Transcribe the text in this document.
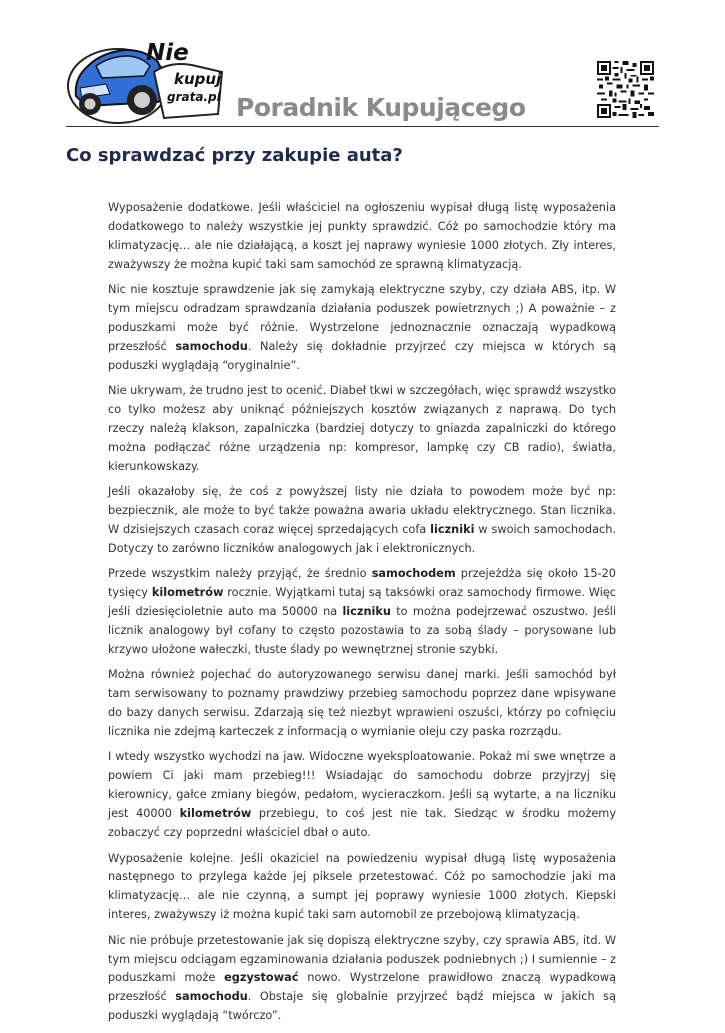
Nie
kupuj
grata.pl Poradnik Kupującego
Co sprawdzać przy zakupie auta?

Wyposażenie dodatkowe. Jeśli właściciel na ogłoszeniu wypisał długą listę wyposażenia dodatkowego to należy wszystkie jej punkty sprawdzić. Cóż po samochodzie który ma klimatyzację… ale nie działającą, a koszt jej naprawy wyniesie 1000 złotych. Zły interes, zważywszy że można kupić taki sam samochód ze sprawną klimatyzacją.

Nic nie kosztuje sprawdzenie jak się zamykają elektryczne szyby, czy działa ABS, itp. W tym miejscu odradzam sprawdzania działania poduszek powietrznych ;) A poważnie – z poduszkami może być różnie. Wystrzelone jednoznacznie oznaczają wypadkową przeszłość samochodu. Należy się dokładnie przyjrzeć czy miejsca w których są poduszki wyglądają “oryginalnie”.

Nie ukrywam, że trudno jest to ocenić. Diabeł tkwi w szczegółach, więc sprawdź wszystko co tylko możesz aby uniknąć późniejszych kosztów związanych z naprawą. Do tych rzeczy należą klakson, zapalniczka (bardziej dotyczy to gniazda zapalniczki do którego można podłączać różne urządzenia np: kompresor, lampkę czy CB radio), światła, kierunkowskazy.

Jeśli okazałoby się, że coś z powyższej listy nie działa to powodem może być np: bezpiecznik, ale może to być także poważna awaria układu elektrycznego. Stan licznika. W dzisiejszych czasach coraz więcej sprzedających cofa liczniki w swoich samochodach. Dotyczy to zarówno liczników analogowych jak i elektronicznych.

Przede wszystkim należy przyjąć, że średnio samochodem przejeżdża się około 15-20 tysięcy kilometrów rocznie. Wyjątkami tutaj są taksówki oraz samochody firmowe. Więc jeśli dziesięcioletnie auto ma 50000 na liczniku to można podejrzewać oszustwo. Jeśli licznik analogowy był cofany to często pozostawia to za sobą ślady – porysowane lub krzywo ułożone wałeczki, tłuste ślady po wewnętrznej stronie szybki.

Można również pojechać do autoryzowanego serwisu danej marki. Jeśli samochód był tam serwisowany to poznamy prawdziwy przebieg samochodu poprzez dane wpisywane do bazy danych serwisu. Zdarzają się też niezbyt wprawieni oszuści, którzy po cofnięciu licznika nie zdejmą karteczek z informacją o wymianie oleju czy paska rozrządu.

I wtedy wszystko wychodzi na jaw. Widoczne wyeksploatowanie. Pokaż mi swe wnętrze a powiem Ci jaki mam przebieg!!! Wsiadając do samochodu dobrze przyjrzyj się kierownicy, gałce zmiany biegów, pedałom, wycieraczkom. Jeśli są wytarte, a na liczniku jest 40000 kilometrów przebiegu, to coś jest nie tak. Siedząc w środku możemy zobaczyć czy poprzedni właściciel dbał o auto.

Wyposażenie kolejne. Jeśli okaziciel na powiedzeniu wypisał długą listę wyposażenia następnego to przylega każde jej piksele przetestować. Cóż po samochodzie jaki ma klimatyzację… ale nie czynną, a sumpt jej poprawy wyniesie 1000 złotych. Kiepski interes, zważywszy iż można kupić taki sam automobil ze przebojową klimatyzacją.

Nic nie próbuje przetestowanie jak się dopiszą elektryczne szyby, czy sprawia ABS, itd. W tym miejscu odciągam egzaminowania działania poduszek podniebnych ;) I sumiennie – z poduszkami może egzystować nowo. Wystrzelone prawidłowo znaczą wypadkową przeszłość samochodu. Obstaje się globalnie przyjrzeć bądź miejsca w jakich są poduszki wyglądają “twórczo”.
